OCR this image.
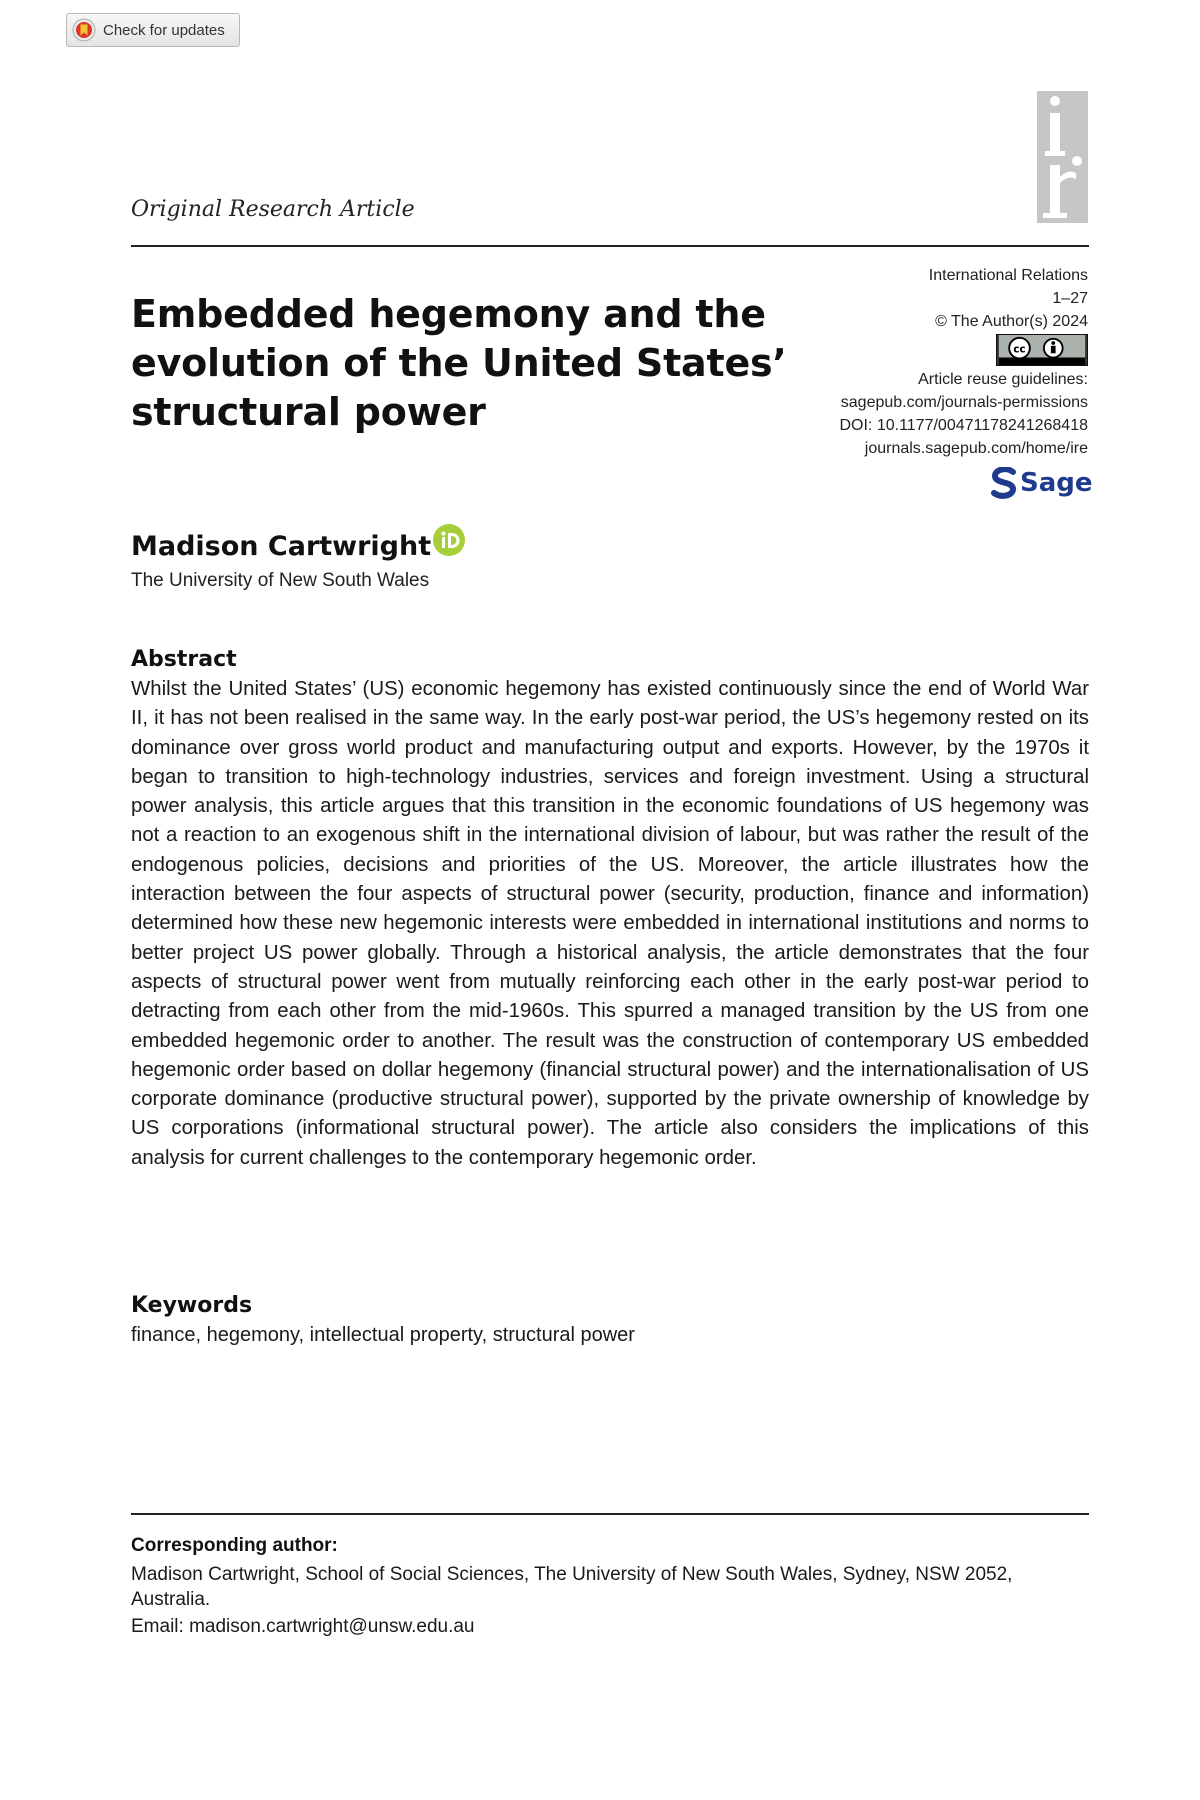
Check for updates
Original Research Article
Embedded hegemony and the evolution of the United States’ structural power
International Relations
1–27
© The Author(s) 2024
cc
Article reuse guidelines:
sagepub.com/journals-permissions
DOI: 10.1177/00471178241268418
journals.sagepub.com/home/ire
Sage
Madison Cartwright
The University of New South Wales
Abstract

Whilst the United States’ (US) economic hegemony has existed continuously since the end of World War II, it has not been realised in the same way. In the early post-war period, the US’s hegemony rested on its dominance over gross world product and manufacturing output and exports. However, by the 1970s it began to transition to high-technology industries, services and foreign investment. Using a structural power analysis, this article argues that this transition in the economic foundations of US hegemony was not a reaction to an exogenous shift in the international division of labour, but was rather the result of the endogenous policies, decisions and priorities of the US. Moreover, the article illustrates how the interaction between the four aspects of structural power (security, production, finance and information) determined how these new hegemonic interests were embedded in international institutions and norms to better project US power globally. Through a historical analysis, the article demonstrates that the four aspects of structural power went from mutually reinforcing each other in the early post-war period to detracting from each other from the mid-1960s. This spurred a managed transition by the US from one embedded hegemonic order to another. The result was the construction of contemporary US embedded hegemonic order based on dollar hegemony (financial structural power) and the internationalisation of US corporate dominance (productive structural power), supported by the private ownership of knowledge by US corporations (informational structural power). The article also considers the implications of this analysis for current challenges to the contemporary hegemonic order.

Keywords
finance, hegemony, intellectual property, structural power
Corresponding author:
Madison Cartwright, School of Social Sciences, The University of New South Wales, Sydney, NSW 2052, Australia.
Email: madison.cartwright@unsw.edu.au
